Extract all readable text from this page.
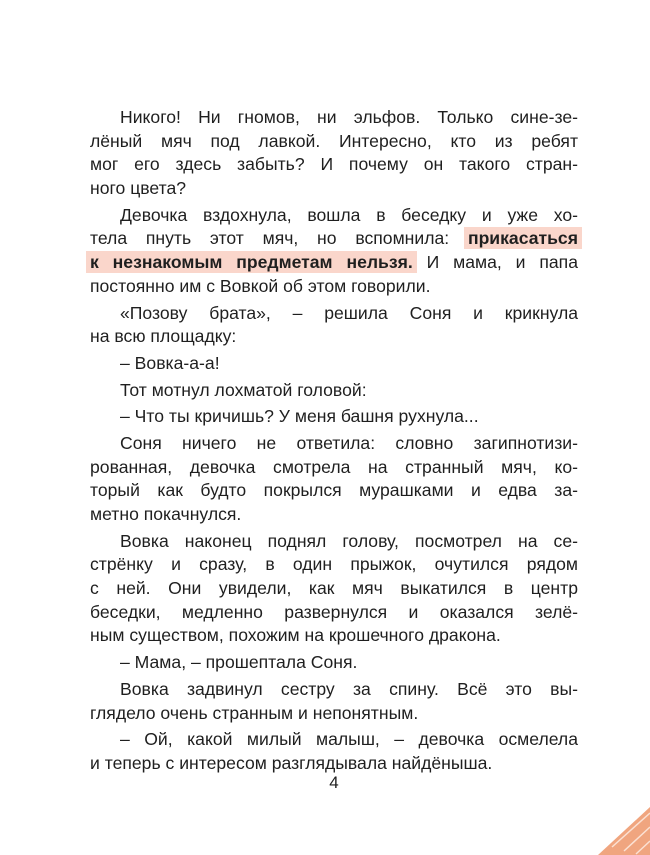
Никого! Ни гномов, ни эльфов. Только сине-зе-
лёный мяч под лавкой. Интересно, кто из ребят
мог его здесь забыть? И почему он такого стран-
ного цвета?
Девочка вздохнула, вошла в беседку и уже хо-
тела пнуть этот мяч, но вспомнила: прикасаться
к незнакомым предметам нельзя. И мама, и папа
постоянно им с Вовкой об этом говорили.
«Позову брата», – решила Соня и крикнула
на всю площадку:
– Вовка-а-а!
Тот мотнул лохматой головой:
– Что ты кричишь? У меня башня рухнула...
Соня ничего не ответила: словно загипнотизи-
рованная, девочка смотрела на странный мяч, ко-
торый как будто покрылся мурашками и едва за-
метно покачнулся.
Вовка наконец поднял голову, посмотрел на се-
стрёнку и сразу, в один прыжок, очутился рядом
с ней. Они увидели, как мяч выкатился в центр
беседки, медленно развернулся и оказался зелё-
ным существом, похожим на крошечного дракона.
– Мама, – прошептала Соня.
Вовка задвинул сестру за спину. Всё это вы-
глядело очень странным и непонятным.
– Ой, какой милый малыш, – девочка осмелела
и теперь с интересом разглядывала найдёныша.
4
